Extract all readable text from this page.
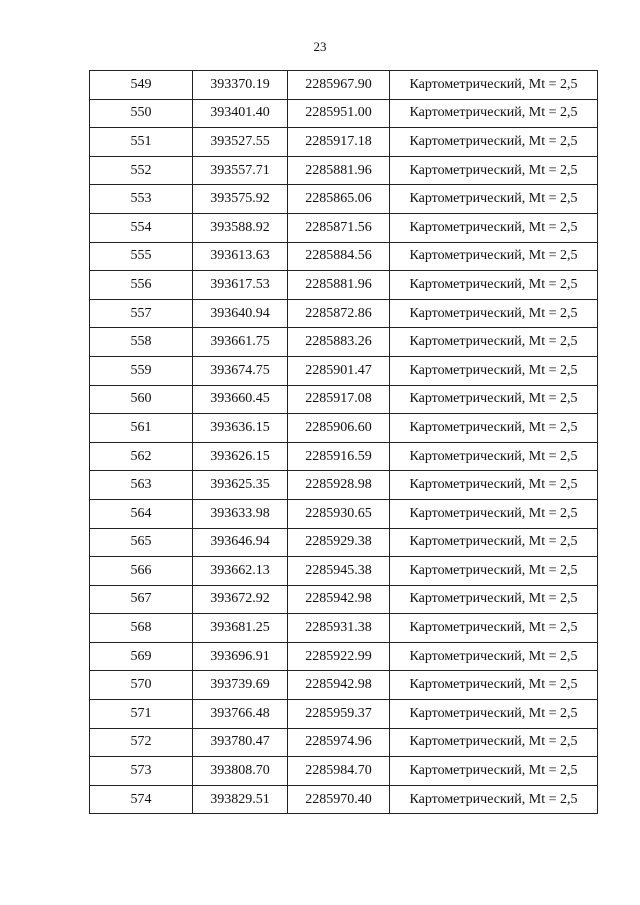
23
549	393370.19	2285967.90	Картометрический, Mt = 2,5
550	393401.40	2285951.00	Картометрический, Mt = 2,5
551	393527.55	2285917.18	Картометрический, Mt = 2,5
552	393557.71	2285881.96	Картометрический, Mt = 2,5
553	393575.92	2285865.06	Картометрический, Mt = 2,5
554	393588.92	2285871.56	Картометрический, Mt = 2,5
555	393613.63	2285884.56	Картометрический, Mt = 2,5
556	393617.53	2285881.96	Картометрический, Mt = 2,5
557	393640.94	2285872.86	Картометрический, Mt = 2,5
558	393661.75	2285883.26	Картометрический, Mt = 2,5
559	393674.75	2285901.47	Картометрический, Mt = 2,5
560	393660.45	2285917.08	Картометрический, Mt = 2,5
561	393636.15	2285906.60	Картометрический, Mt = 2,5
562	393626.15	2285916.59	Картометрический, Mt = 2,5
563	393625.35	2285928.98	Картометрический, Mt = 2,5
564	393633.98	2285930.65	Картометрический, Mt = 2,5
565	393646.94	2285929.38	Картометрический, Mt = 2,5
566	393662.13	2285945.38	Картометрический, Mt = 2,5
567	393672.92	2285942.98	Картометрический, Mt = 2,5
568	393681.25	2285931.38	Картометрический, Mt = 2,5
569	393696.91	2285922.99	Картометрический, Mt = 2,5
570	393739.69	2285942.98	Картометрический, Mt = 2,5
571	393766.48	2285959.37	Картометрический, Mt = 2,5
572	393780.47	2285974.96	Картометрический, Mt = 2,5
573	393808.70	2285984.70	Картометрический, Mt = 2,5
574	393829.51	2285970.40	Картометрический, Mt = 2,5
